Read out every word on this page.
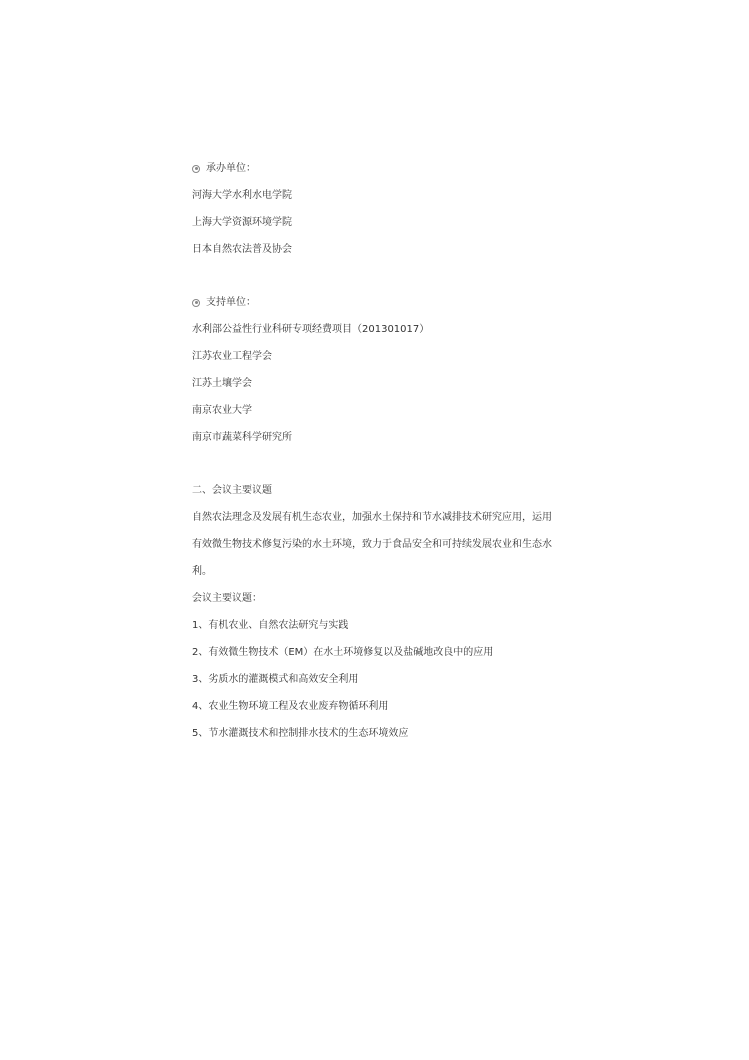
承办单位：
河海大学水利水电学院
上海大学资源环境学院
日本自然农法普及协会
支持单位：
水利部公益性行业科研专项经费项目（201301017）
江苏农业工程学会
江苏土壤学会
南京农业大学
南京市蔬菜科学研究所
二、会议主要议题
自然农法理念及发展有机生态农业，加强水土保持和节水减排技术研究应用，运用
有效微生物技术修复污染的水土环境，致力于食品安全和可持续发展农业和生态水
利。
会议主要议题：
1、有机农业、自然农法研究与实践
2、有效微生物技术（EM）在水土环境修复以及盐碱地改良中的应用
3、劣质水的灌溉模式和高效安全利用
4、农业生物环境工程及农业废弃物循环利用
5、节水灌溉技术和控制排水技术的生态环境效应
